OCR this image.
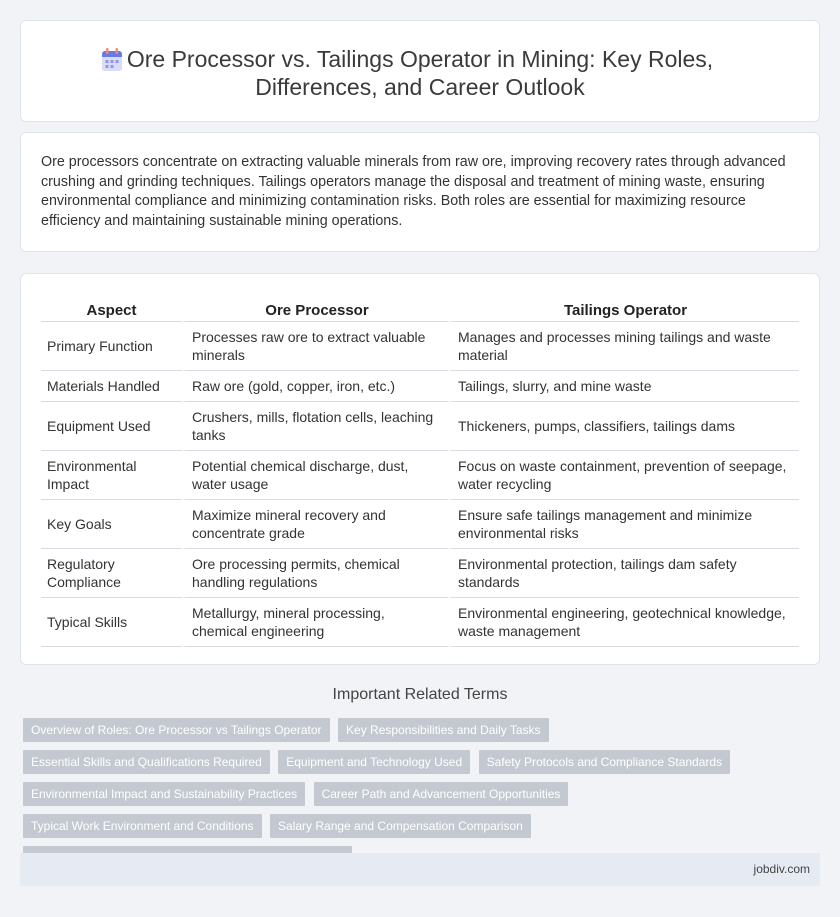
Ore Processor vs. Tailings Operator in Mining: Key Roles, Differences, and Career Outlook

Ore processors concentrate on extracting valuable minerals from raw ore, improving recovery rates through advanced crushing and grinding techniques. Tailings operators manage the disposal and treatment of mining waste, ensuring environmental compliance and minimizing contamination risks. Both roles are essential for maximizing resource efficiency and maintaining sustainable mining operations.

Aspect	Ore Processor	Tailings Operator
Primary Function	Processes raw ore to extract valuable minerals	Manages and processes mining tailings and waste material
Materials Handled	Raw ore (gold, copper, iron, etc.)	Tailings, slurry, and mine waste
Equipment Used	Crushers, mills, flotation cells, leaching tanks	Thickeners, pumps, classifiers, tailings dams
Environmental Impact	Potential chemical discharge, dust, water usage	Focus on waste containment, prevention of seepage, water recycling
Key Goals	Maximize mineral recovery and concentrate grade	Ensure safe tailings management and minimize environmental risks
Regulatory Compliance	Ore processing permits, chemical handling regulations	Environmental protection, tailings dam safety standards
Typical Skills	Metallurgy, mineral processing, chemical engineering	Environmental engineering, geotechnical knowledge, waste management
Important Related Terms
Overview of Roles: Ore Processor vs Tailings Operator Key Responsibilities and Daily Tasks Essential Skills and Qualifications Required Equipment and Technology Used Safety Protocols and Compliance Standards Environmental Impact and Sustainability Practices Career Path and Advancement Opportunities Typical Work Environment and Conditions Salary Range and Compensation Comparison
jobdiv.com
